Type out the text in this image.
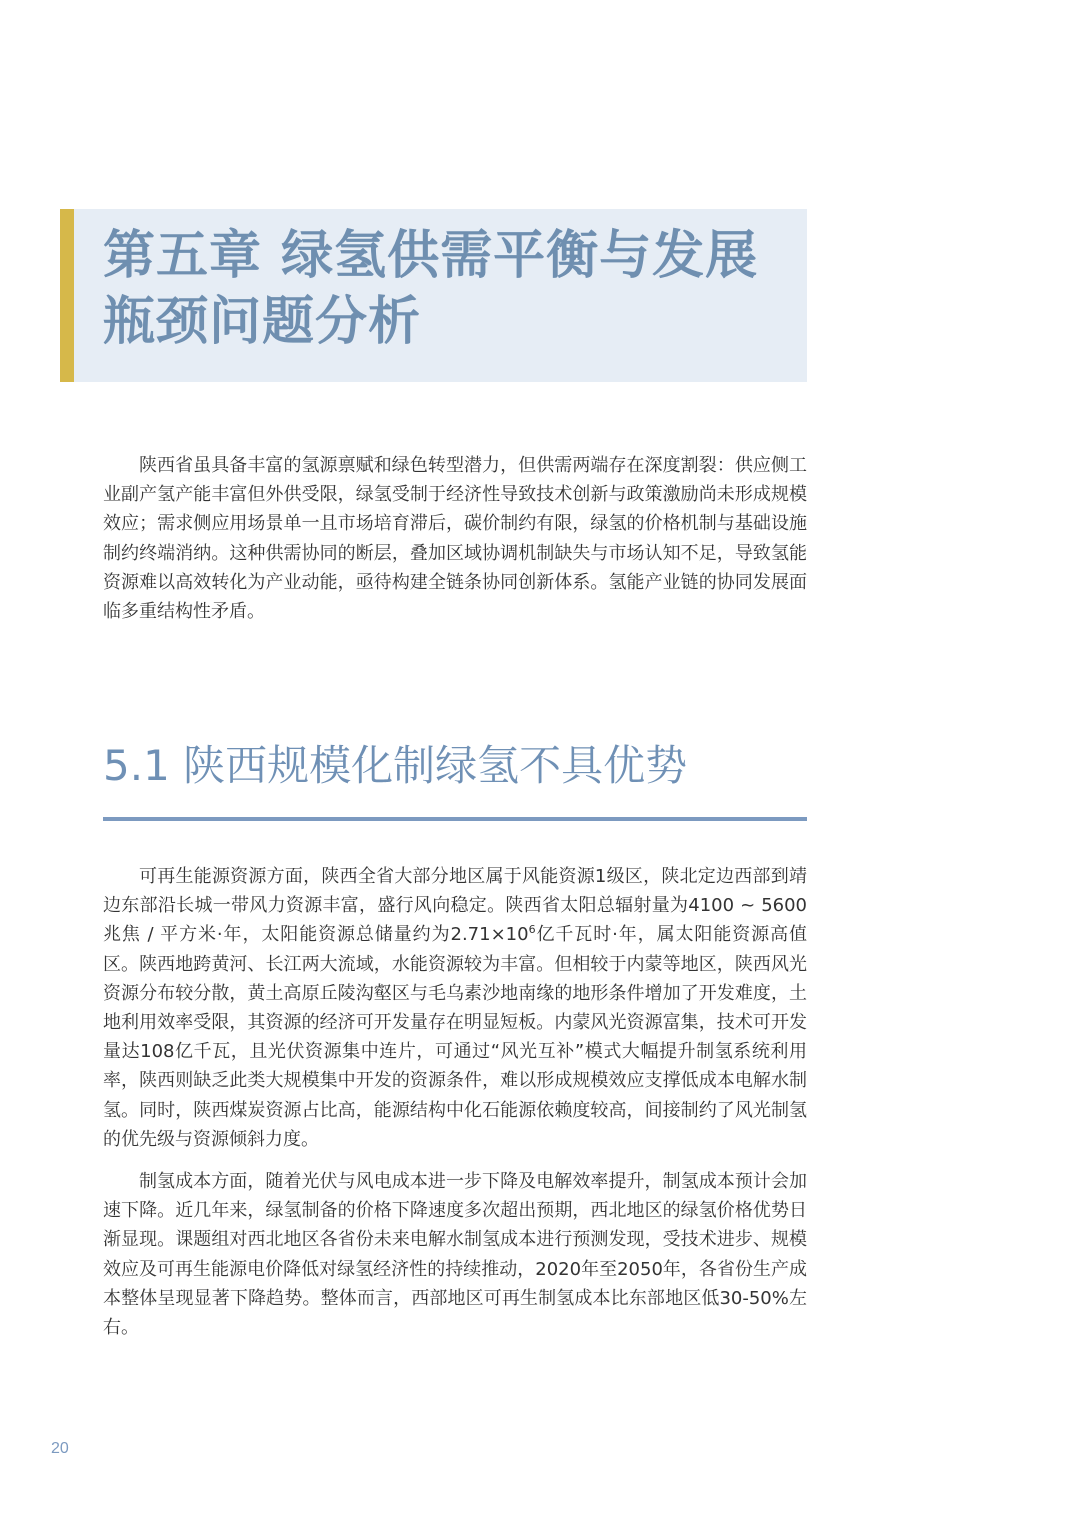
第五章 绿氢供需平衡与发展瓶颈问题分析

陕西省虽具备丰富的氢源禀赋和绿色转型潜力，但供需两端存在深度割裂：供应侧工业副产氢产能丰富但外供受限，绿氢受制于经济性导致技术创新与政策激励尚未形成规模效应；需求侧应用场景单一且市场培育滞后，碳价制约有限，绿氢的价格机制与基础设施制约终端消纳。这种供需协同的断层，叠加区域协调机制缺失与市场认知不足，导致氢能资源难以高效转化为产业动能，亟待构建全链条协同创新体系。氢能产业链的协同发展面临多重结构性矛盾。

5.1 陕西规模化制绿氢不具优势

可再生能源资源方面，陕西全省大部分地区属于风能资源1级区，陕北定边西部到靖边东部沿长城一带风力资源丰富，盛行风向稳定。陕西省太阳总辐射量为4100 ~ 5600兆焦 / 平方米·年，太阳能资源总储量约为$2.71\times 10^6$亿千瓦时·年，属太阳能资源高值区。陕西地跨黄河、长江两大流域，水能资源较为丰富。但相较于内蒙等地区，陕西风光资源分布较分散，黄土高原丘陵沟壑区与毛乌素沙地南缘的地形条件增加了开发难度，土地利用效率受限，其资源的经济可开发量存在明显短板。内蒙风光资源富集，技术可开发量达108亿千瓦，且光伏资源集中连片，可通过“风光互补”模式大幅提升制氢系统利用率，陕西则缺乏此类大规模集中开发的资源条件，难以形成规模效应支撑低成本电解水制氢。同时，陕西煤炭资源占比高，能源结构中化石能源依赖度较高，间接制约了风光制氢的优先级与资源倾斜力度。

制氢成本方面，随着光伏与风电成本进一步下降及电解效率提升，制氢成本预计会加速下降。近几年来，绿氢制备的价格下降速度多次超出预期，西北地区的绿氢价格优势日渐显现。课题组对西北地区各省份未来电解水制氢成本进行预测发现，受技术进步、规模效应及可再生能源电价降低对绿氢经济性的持续推动，2020年至2050年，各省份生产成本整体呈现显著下降趋势。整体而言，西部地区可再生制氢成本比东部地区低30-50%左右。

20
